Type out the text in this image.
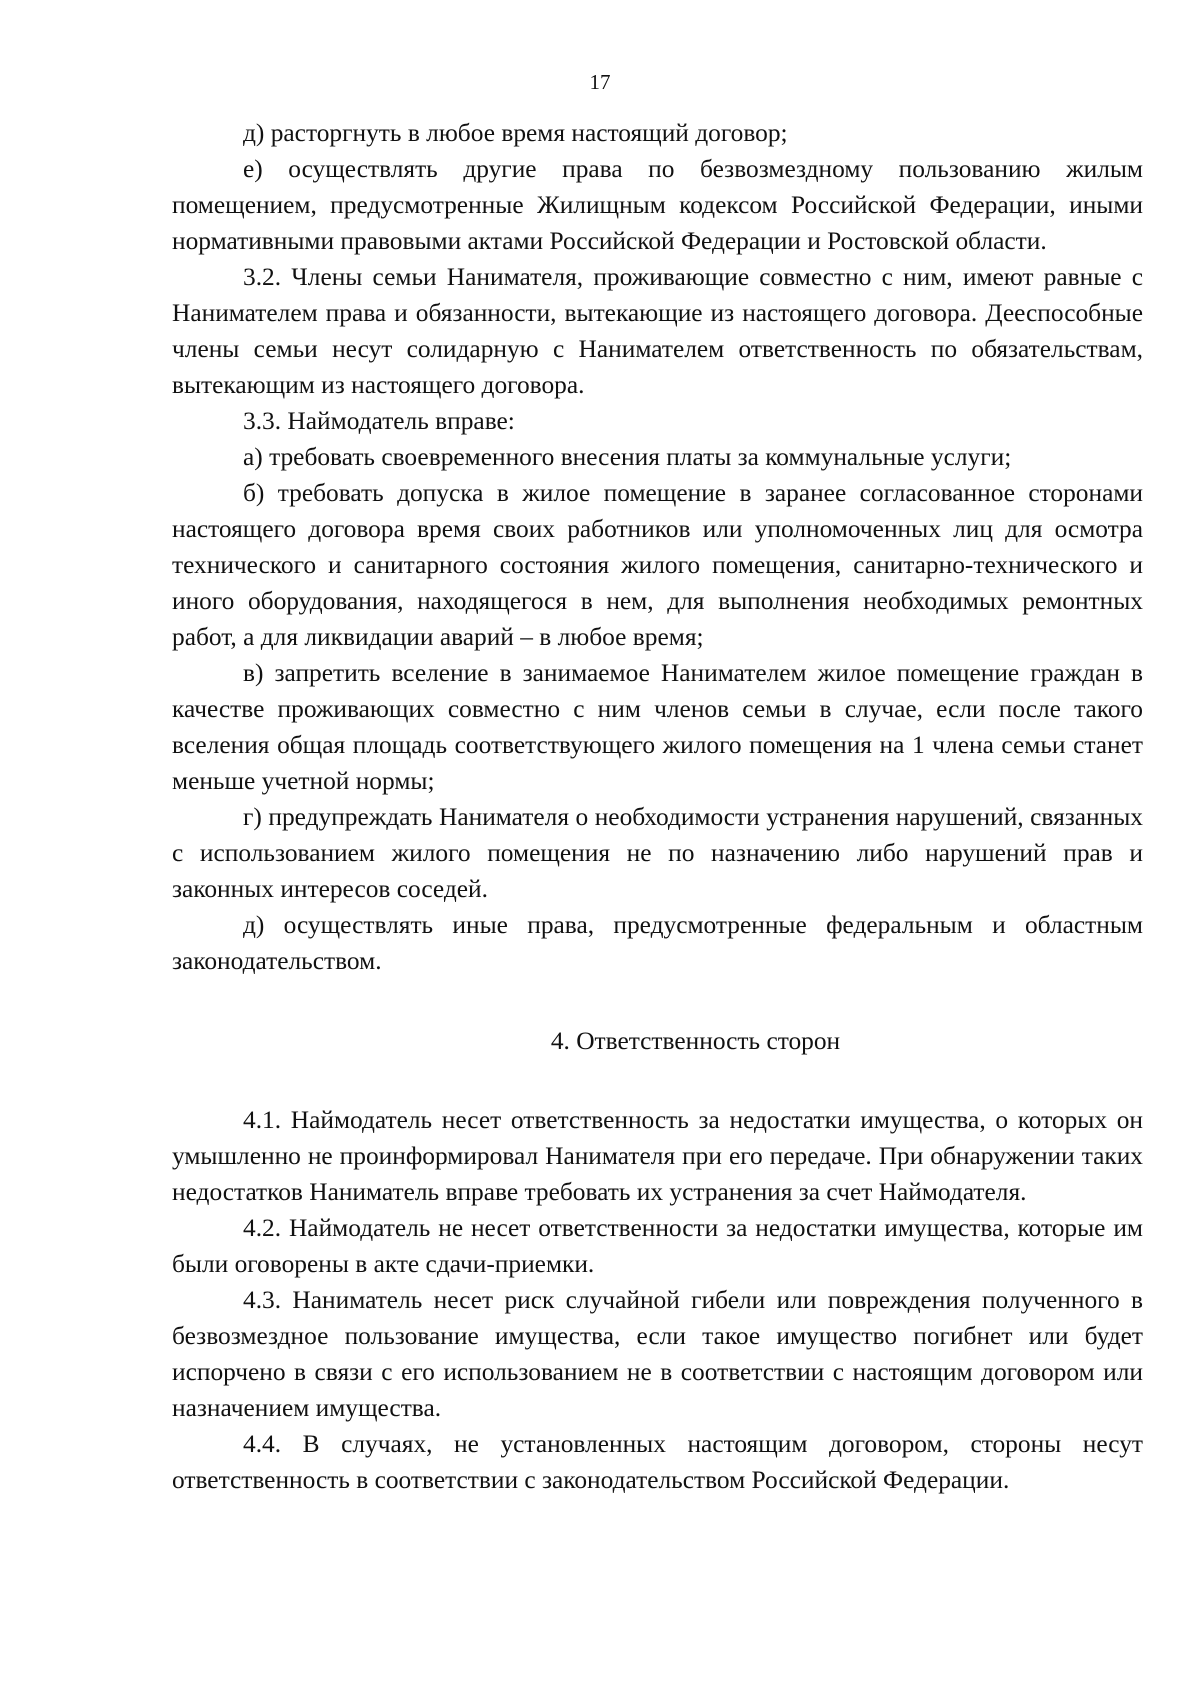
17

д) расторгнуть в любое время настоящий договор;

е) осуществлять другие права по безвозмездному пользованию жилым помещением, предусмотренные Жилищным кодексом Российской Федерации, иными нормативными правовыми актами Российской Федерации и Ростовской области.

3.2. Члены семьи Нанимателя, проживающие совместно с ним, имеют равные с Нанимателем права и обязанности, вытекающие из настоящего договора. Дееспособные члены семьи несут солидарную с Нанимателем ответственность по обязательствам, вытекающим из настоящего договора.

3.3. Наймодатель вправе:

а) требовать своевременного внесения платы за коммунальные услуги;

б) требовать допуска в жилое помещение в заранее согласованное сторонами настоящего договора время своих работников или уполномоченных лиц для осмотра технического и санитарного состояния жилого помещения, санитарно-технического и иного оборудования, находящегося в нем, для выполнения необходимых ремонтных работ, а для ликвидации аварий – в любое время;

в) запретить вселение в занимаемое Нанимателем жилое помещение граждан в качестве проживающих совместно с ним членов семьи в случае, если после такого вселения общая площадь соответствующего жилого помещения на 1 члена семьи станет меньше учетной нормы;

г) предупреждать Нанимателя о необходимости устранения нарушений, связанных с использованием жилого помещения не по назначению либо нарушений прав и законных интересов соседей.

д) осуществлять иные права, предусмотренные федеральным и областным законодательством.

4. Ответственность сторон

4.1. Наймодатель несет ответственность за недостатки имущества, о которых он умышленно не проинформировал Нанимателя при его передаче. При обнаружении таких недостатков Наниматель вправе требовать их устранения за счет Наймодателя.

4.2. Наймодатель не несет ответственности за недостатки имущества, которые им были оговорены в акте сдачи-приемки.

4.3. Наниматель несет риск случайной гибели или повреждения полученного в безвозмездное пользование имущества, если такое имущество погибнет или будет испорчено в связи с его использованием не в соответствии с настоящим договором или назначением имущества.

4.4. В случаях, не установленных настоящим договором, стороны несут ответственность в соответствии с законодательством Российской Федерации.
